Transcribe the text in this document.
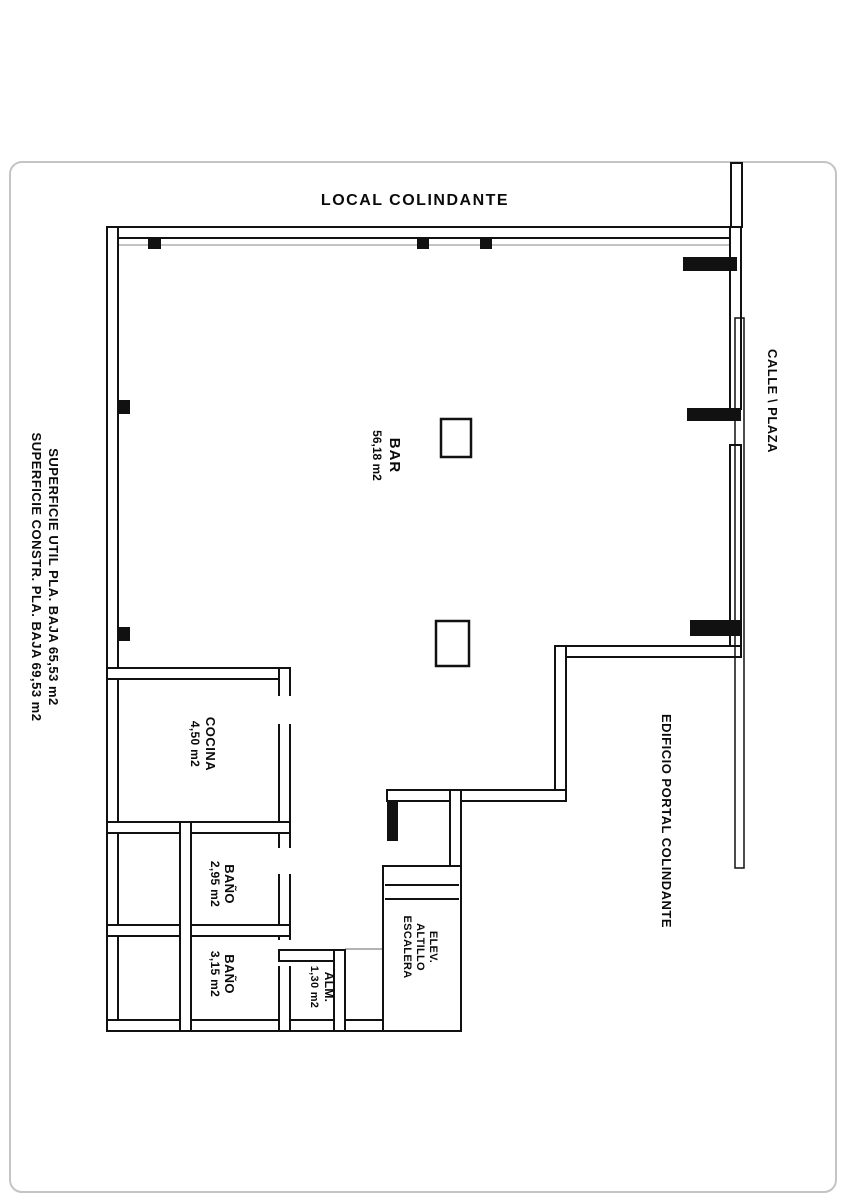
LOCAL COLINDANTE
SUPERFICIE UTIL PLA. BAJA 65,53 m2
SUPERFICIE CONSTR. PLA. BAJA 69,53 m2
CALLE \ PLAZA
EDIFICIO PORTAL COLINDANTE
BAR
56,18 m2
COCINA
4,50 m2
BAÑO
2,95 m2
BAÑO
3,15 m2	ALM.
1,30 m2
ELEV.
ALTILLO
ESCALERA
